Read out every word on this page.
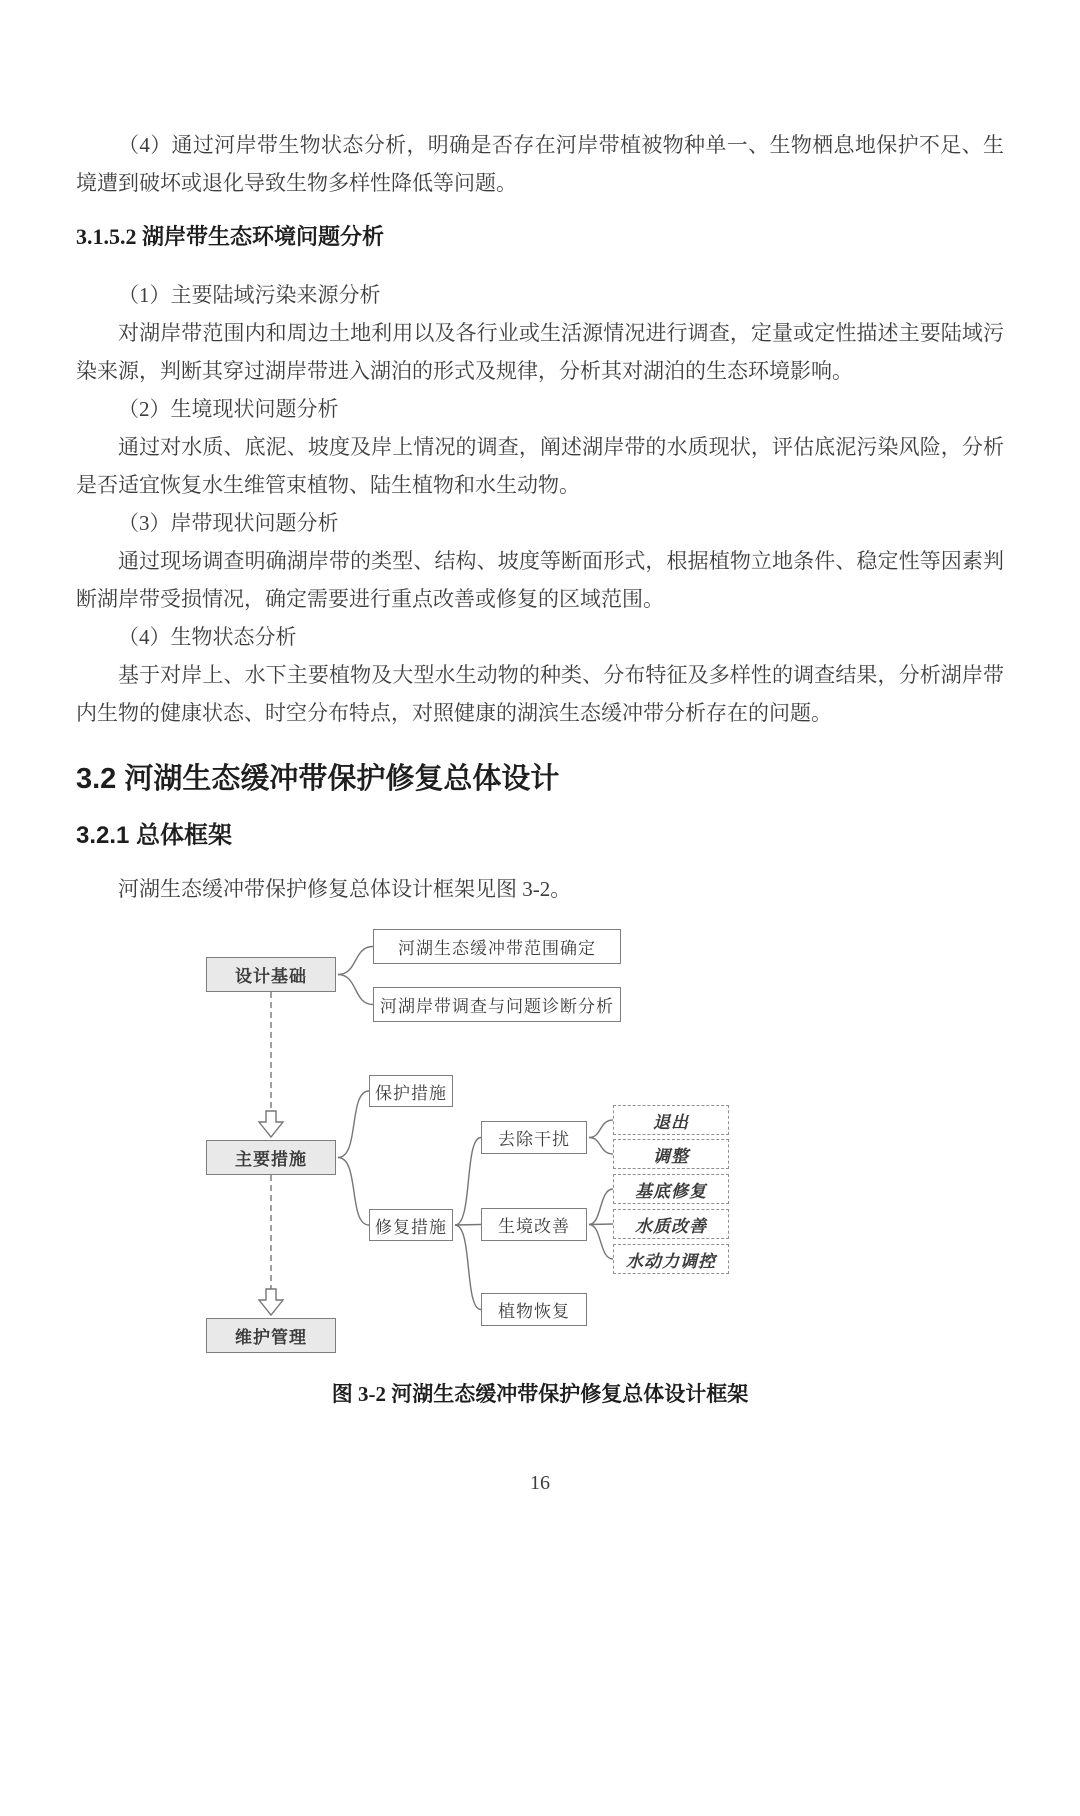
（4）通过河岸带生物状态分析，明确是否存在河岸带植被物种单一、生物栖息地保护不足、生境遭到破坏或退化导致生物多样性降低等问题。

3.1.5.2 湖岸带生态环境问题分析

（1）主要陆域污染来源分析

对湖岸带范围内和周边土地利用以及各行业或生活源情况进行调查，定量或定性描述主要陆域污染来源，判断其穿过湖岸带进入湖泊的形式及规律，分析其对湖泊的生态环境影响。

（2）生境现状问题分析

通过对水质、底泥、坡度及岸上情况的调查，阐述湖岸带的水质现状，评估底泥污染风险，分析是否适宜恢复水生维管束植物、陆生植物和水生动物。

（3）岸带现状问题分析

通过现场调查明确湖岸带的类型、结构、坡度等断面形式，根据植物立地条件、稳定性等因素判断湖岸带受损情况，确定需要进行重点改善或修复的区域范围。

（4）生物状态分析

基于对岸上、水下主要植物及大型水生动物的种类、分布特征及多样性的调查结果，分析湖岸带内生物的健康状态、时空分布特点，对照健康的湖滨生态缓冲带分析存在的问题。

3.2 河湖生态缓冲带保护修复总体设计
3.2.1 总体框架

河湖生态缓冲带保护修复总体设计框架见图 3-2。

设计基础
河湖生态缓冲带范围确定
河湖岸带调查与问题诊断分析
主要措施
保护措施
修复措施
去除干扰
生境改善
植物恢复
退出
调整
基底修复
水质改善
水动力调控
维护管理
图 3-2 河湖生态缓冲带保护修复总体设计框架
16
